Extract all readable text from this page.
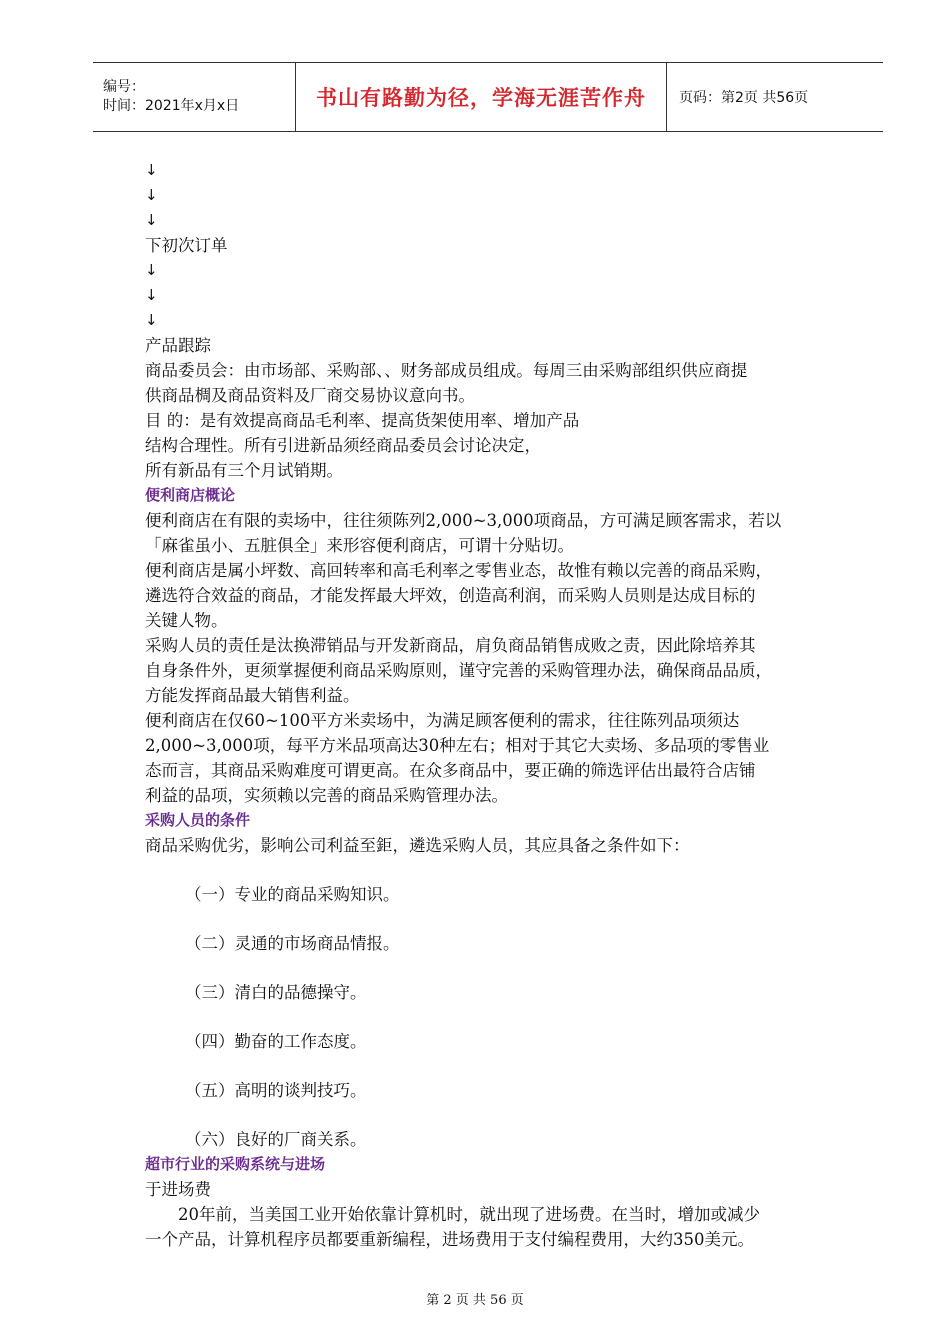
编号：
时间：2021年x月x日	书山有路勤为径，学海无涯苦作舟	页码：第2页 共56页

↓

↓

↓

下初次订单

↓

↓

↓

产品跟踪

商品委员会：由市场部、采购部、、财务部成员组成。每周三由采购部组织供应商提

供商品椆及商品资料及厂商交易协议意向书。

目 的：是有效提高商品毛利率、提高货架使用率、增加产品

结构合理性。所有引进新品须经商品委员会讨论决定，

所有新品有三个月试销期。

便利商店概论

便利商店在有限的卖场中，往往须陈列2,000~3,000项商品，方可满足顾客需求，若以

「麻雀虽小、五脏俱全」来形容便利商店，可谓十分贴切。

便利商店是属小坪数、高回转率和高毛利率之零售业态，故惟有赖以完善的商品采购，

遴选符合效益的商品，才能发挥最大坪效，创造高利润，而采购人员则是达成目标的

关键人物。

采购人员的责任是汰换滞销品与开发新商品，肩负商品销售成败之责，因此除培养其

自身条件外，更须掌握便利商品采购原则，谨守完善的采购管理办法，确保商品品质，

方能发挥商品最大销售利益。

便利商店在仅60~100平方米卖场中，为满足顾客便利的需求，往往陈列品项须达

2,000~3,000项，每平方米品项高达30种左右；相对于其它大卖场、多品项的零售业

态而言，其商品采购难度可谓更高。在众多商品中，要正确的筛选评估出最符合店铺

利益的品项，实须赖以完善的商品采购管理办法。

采购人员的条件

商品采购优劣，影响公司利益至鉅，遴选采购人员，其应具备之条件如下：

（一）专业的商品采购知识。

（二）灵通的市场商品情报。

（三）清白的品德操守。

（四）勤奋的工作态度。

（五）高明的谈判技巧。

（六）良好的厂商关系。

超市行业的采购系统与进场

于进场费

20年前，当美国工业开始依靠计算机时，就出现了进场费。在当时，增加或减少

一个产品，计算机程序员都要重新编程，进场费用于支付编程费用，大约350美元。

第 2 页 共 56 页
